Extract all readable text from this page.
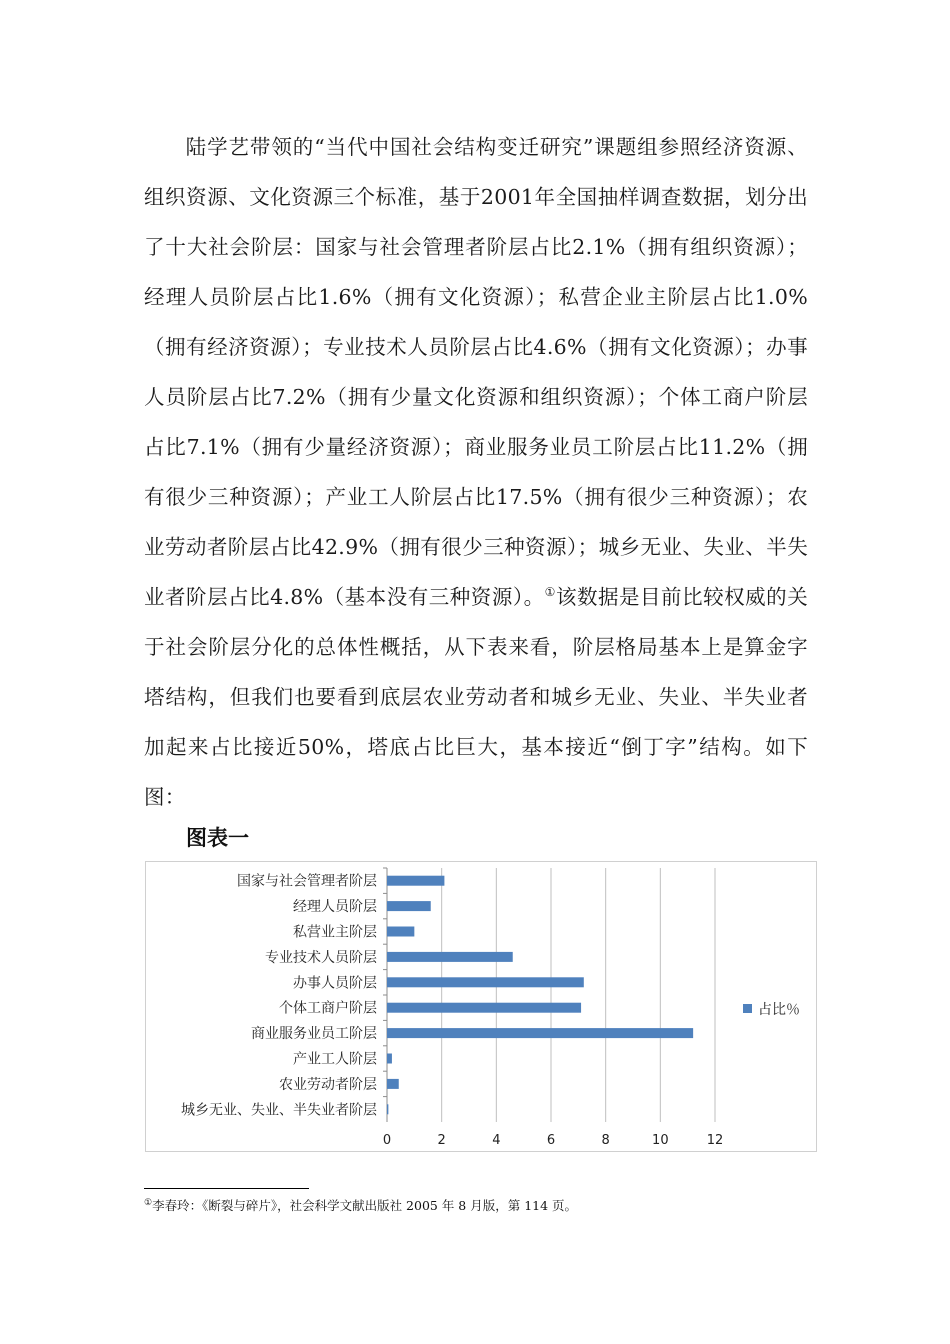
陆学艺带领的“当代中国社会结构变迁研究”课题组参照经济资源、组织资源、文化资源三个标准，基于2001年全国抽样调查数据，划分出了十大社会阶层：国家与社会管理者阶层占比2.1%（拥有组织资源）；经理人员阶层占比1.6%（拥有文化资源）；私营企业主阶层占比1.0%（拥有经济资源）；专业技术人员阶层占比4.6%（拥有文化资源）；办事人员阶层占比7.2%（拥有少量文化资源和组织资源）；个体工商户阶层占比7.1%（拥有少量经济资源）；商业服务业员工阶层占比11.2%（拥有很少三种资源）；产业工人阶层占比17.5%（拥有很少三种资源）；农业劳动者阶层占比42.9%（拥有很少三种资源）；城乡无业、失业、半失业者阶层占比4.8%（基本没有三种资源）。①该数据是目前比较权威的关于社会阶层分化的总体性概括，从下表来看，阶层格局基本上是算金字塔结构，但我们也要看到底层农业劳动者和城乡无业、失业、半失业者加起来占比接近50%，塔底占比巨大，基本接近“倒丁字”结构。如下图：

图表一
0	2	4	6	8	10	12
国家与社会管理者阶层
经理人员阶层
私营业主阶层
专业技术人员阶层
办事人员阶层
个体工商户阶层
商业服务业员工阶层
产业工人阶层
农业劳动者阶层
城乡无业、失业、半失业者阶层
占比％
①李春玲：《断裂与碎片》，社会科学文献出版社 2005 年 8 月版，第 114 页。
